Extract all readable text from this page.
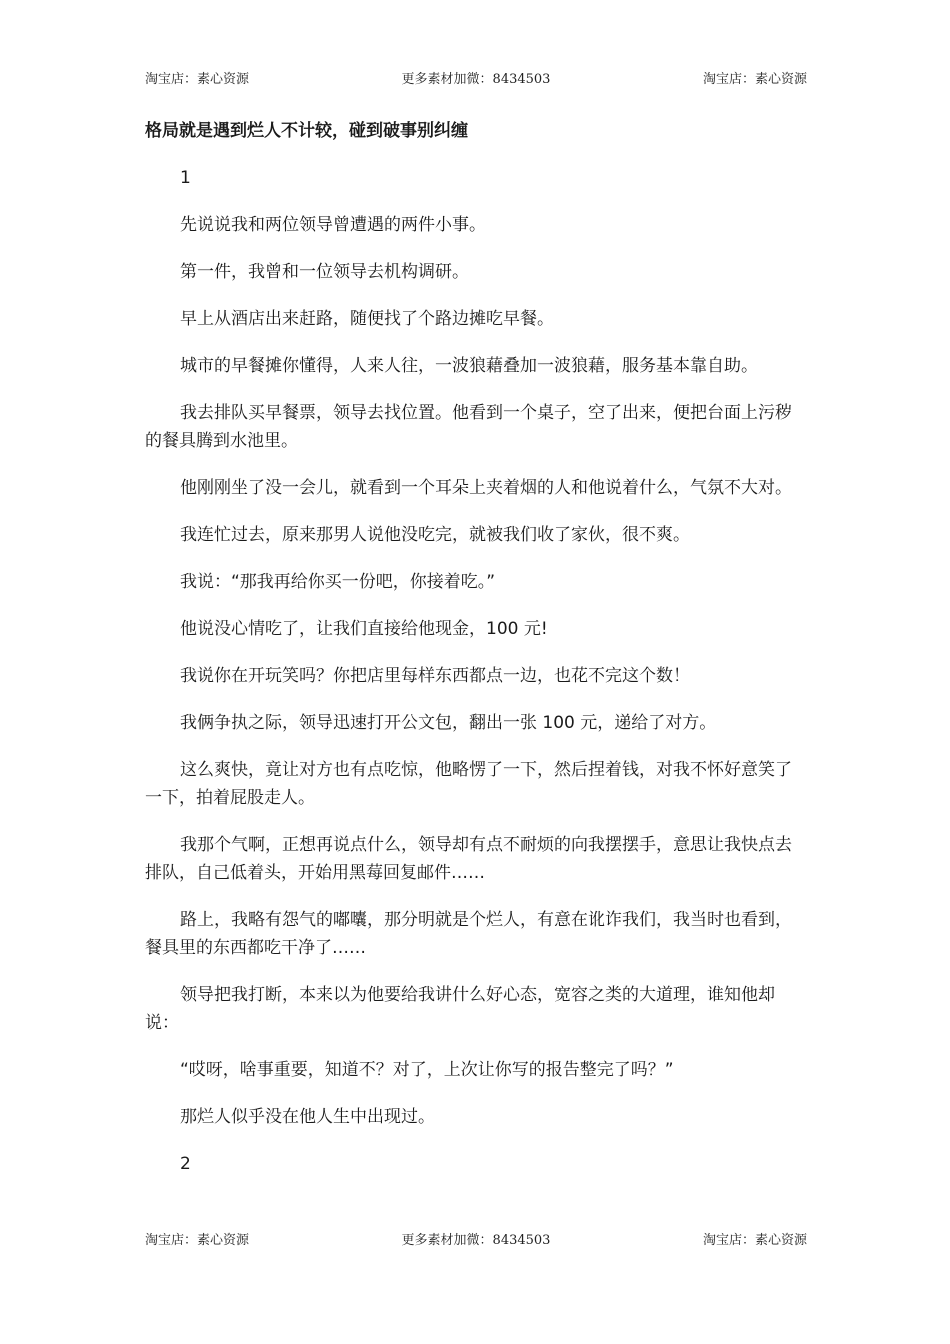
淘宝店：素心资源	更多素材加微：8434503	淘宝店：素心资源
格局就是遇到烂人不计较，碰到破事别纠缠

1

先说说我和两位领导曾遭遇的两件小事。

第一件，我曾和一位领导去机构调研。

早上从酒店出来赶路，随便找了个路边摊吃早餐。

城市的早餐摊你懂得，人来人往，一波狼藉叠加一波狼藉，服务基本靠自助。

我去排队买早餐票，领导去找位置。他看到一个桌子，空了出来，便把台面上污秽的餐具腾到水池里。

他刚刚坐了没一会儿，就看到一个耳朵上夹着烟的人和他说着什么，气氛不大对。

我连忙过去，原来那男人说他没吃完，就被我们收了家伙，很不爽。

我说：“那我再给你买一份吧，你接着吃。”

他说没心情吃了，让我们直接给他现金，100 元!

我说你在开玩笑吗？你把店里每样东西都点一边，也花不完这个数！

我俩争执之际，领导迅速打开公文包，翻出一张 100 元，递给了对方。

这么爽快，竟让对方也有点吃惊，他略愣了一下，然后捏着钱，对我不怀好意笑了一下，拍着屁股走人。

我那个气啊，正想再说点什么，领导却有点不耐烦的向我摆摆手，意思让我快点去排队，自己低着头，开始用黑莓回复邮件……

路上，我略有怨气的嘟囔，那分明就是个烂人，有意在讹诈我们，我当时也看到，餐具里的东西都吃干净了……

领导把我打断，本来以为他要给我讲什么好心态，宽容之类的大道理，谁知他却说：

“哎呀，啥事重要，知道不？对了，上次让你写的报告整完了吗？”

那烂人似乎没在他人生中出现过。

2

淘宝店：素心资源	更多素材加微：8434503	淘宝店：素心资源
